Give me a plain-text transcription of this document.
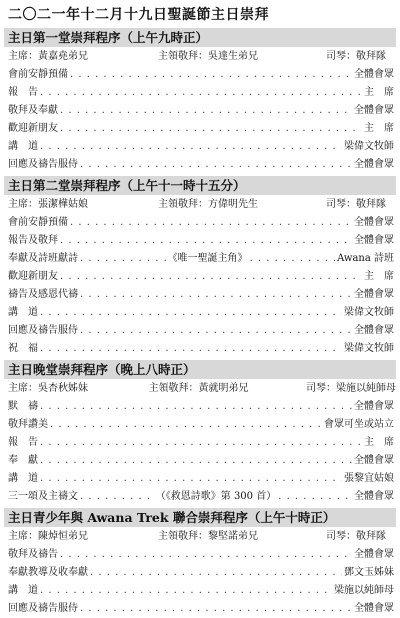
二〇二一年十二月十九日聖誕節主日崇拜
主日第一堂崇拜程序（上午九時正）
主席：黃嘉堯弟兄	主領敬拜：吳達生弟兄	司琴：敬拜隊
會前安靜預備 . . .	全體會眾
報　告 . . .	主　席
敬拜及奉獻 . . .	全體會眾
歡迎新朋友 . . .	主　席
講　道 . . .	梁偉文牧師
回應及禱告服侍 . . .	全體會眾
主日第二堂崇拜程序（上午十一時十五分）
主席：張潔樺姑娘	主領敬拜：方偉明先生	司琴：敬拜隊
會前安靜預備 . . .	全體會眾
報告及敬拜 . . .	全體會眾
奉獻及詩班獻詩 . . .	《唯一聖誕主角》 . . .	Awana 詩班
歡迎新朋友 . . .	主　席
禱告及感恩代禱 . . .	全體會眾
講　道 . . .	梁偉文牧師
回應及禱告服侍 . . .	全體會眾
祝　福 . . .	梁偉文牧師
主日晚堂崇拜程序（晚上八時正）
主席：吳杏秋姊妹	主領敬拜：黃就明弟兄	司琴：梁施以純師母
默　禱 . . .	全體會眾
敬拜讚美 . . .	會眾可坐或站立
報　告 . . .	主　席
奉　獻 . . .	全體會眾
講　道 . . .	張黎宜姑娘
三一頌及主禱文 . . .	（《救恩詩歌》第 300 首） . . .	全體會眾
主日青少年與 Awana Trek 聯合崇拜程序（上午十時正）
主席：陳焯恒弟兄	主領敬拜：黎堅諾弟兄	司琴：敬拜隊
敬拜及禱告 . . .	全體會眾
奉獻教導及收奉獻 . . .	鄧文玉姊妹
講　道 . . .	梁施以純師母
回應及禱告服侍 . . .	全體會眾
